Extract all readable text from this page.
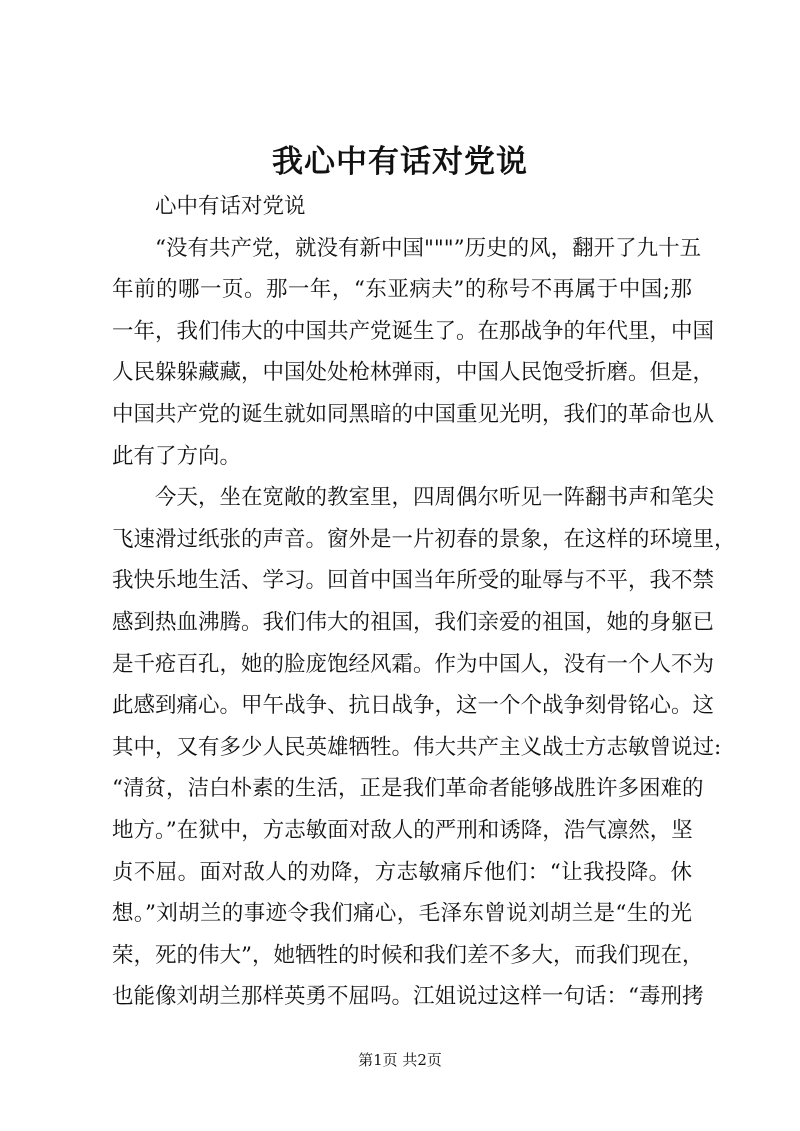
我心中有话对党说
心中有话对党说
“没有共产党，就没有新中国"""”历史的风，翻开了九十五
年前的哪一页。那一年，“东亚病夫”的称号不再属于中国;那
一年，我们伟大的中国共产党诞生了。在那战争的年代里，中国
人民躲躲藏藏，中国处处枪林弹雨，中国人民饱受折磨。但是，
中国共产党的诞生就如同黑暗的中国重见光明，我们的革命也从
此有了方向。
今天，坐在宽敞的教室里，四周偶尔听见一阵翻书声和笔尖
飞速滑过纸张的声音。窗外是一片初春的景象，在这样的环境里，
我快乐地生活、学习。回首中国当年所受的耻辱与不平，我不禁
感到热血沸腾。我们伟大的祖国，我们亲爱的祖国，她的身躯已
是千疮百孔，她的脸庞饱经风霜。作为中国人，没有一个人不为
此感到痛心。甲午战争、抗日战争，这一个个战争刻骨铭心。这
其中，又有多少人民英雄牺牲。伟大共产主义战士方志敏曾说过:
“清贫，洁白朴素的生活，正是我们革命者能够战胜许多困难的
地方。”在狱中，方志敏面对敌人的严刑和诱降，浩气凛然，坚
贞不屈。面对敌人的劝降，方志敏痛斥他们：“让我投降。休
想。”刘胡兰的事迹令我们痛心，毛泽东曾说刘胡兰是“生的光
荣，死的伟大”，她牺牲的时候和我们差不多大，而我们现在，
也能像刘胡兰那样英勇不屈吗。江姐说过这样一句话：“毒刑拷
第1页 共2页
